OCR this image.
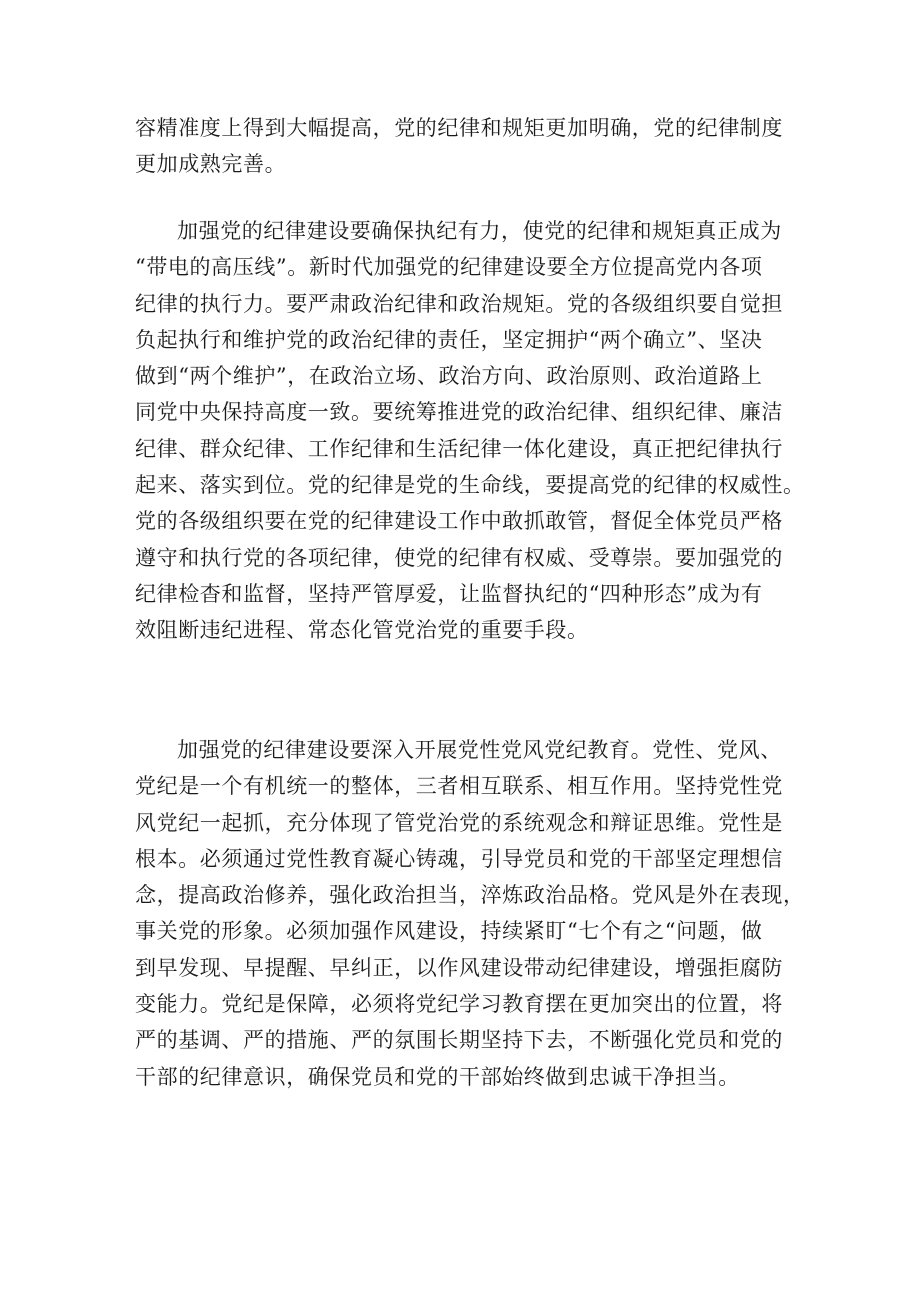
容精准度上得到大幅提高，党的纪律和规矩更加明确，党的纪律制度
更加成熟完善。
加强党的纪律建设要确保执纪有力，使党的纪律和规矩真正成为
“带电的高压线”。新时代加强党的纪律建设要全方位提高党内各项
纪律的执行力。要严肃政治纪律和政治规矩。党的各级组织要自觉担
负起执行和维护党的政治纪律的责任，坚定拥护“两个确立”、坚决
做到“两个维护”，在政治立场、政治方向、政治原则、政治道路上
同党中央保持高度一致。要统筹推进党的政治纪律、组织纪律、廉洁
纪律、群众纪律、工作纪律和生活纪律一体化建设，真正把纪律执行
起来、落实到位。党的纪律是党的生命线，要提高党的纪律的权威性。
党的各级组织要在党的纪律建设工作中敢抓敢管，督促全体党员严格
遵守和执行党的各项纪律，使党的纪律有权威、受尊崇。要加强党的
纪律检杳和监督，坚持严管厚爱，让监督执纪的“四种形态”成为有
效阻断违纪进程、常态化管党治党的重要手段。
加强党的纪律建设要深入开展党性党风党纪教育。党性、党风、
党纪是一个有机统一的整体，三者相互联系、相互作用。坚持党性党
风党纪一起抓，充分体现了管党治党的系统观念和辩证思维。党性是
根本。必须通过党性教育凝心铸魂，引导党员和党的干部坚定理想信
念，提高政治修养，强化政治担当，淬炼政治品格。党风是外在表现，
事关党的形象。必须加强作风建设，持续紧盯“七个有之“问题，做
到早发现、早提醒、早纠正，以作风建设带动纪律建设，增强拒腐防
变能力。党纪是保障，必须将党纪学习教育摆在更加突出的位置，将
严的基调、严的措施、严的氛围长期坚持下去，不断强化党员和党的
干部的纪律意识，确保党员和党的干部始终做到忠诚干净担当。
